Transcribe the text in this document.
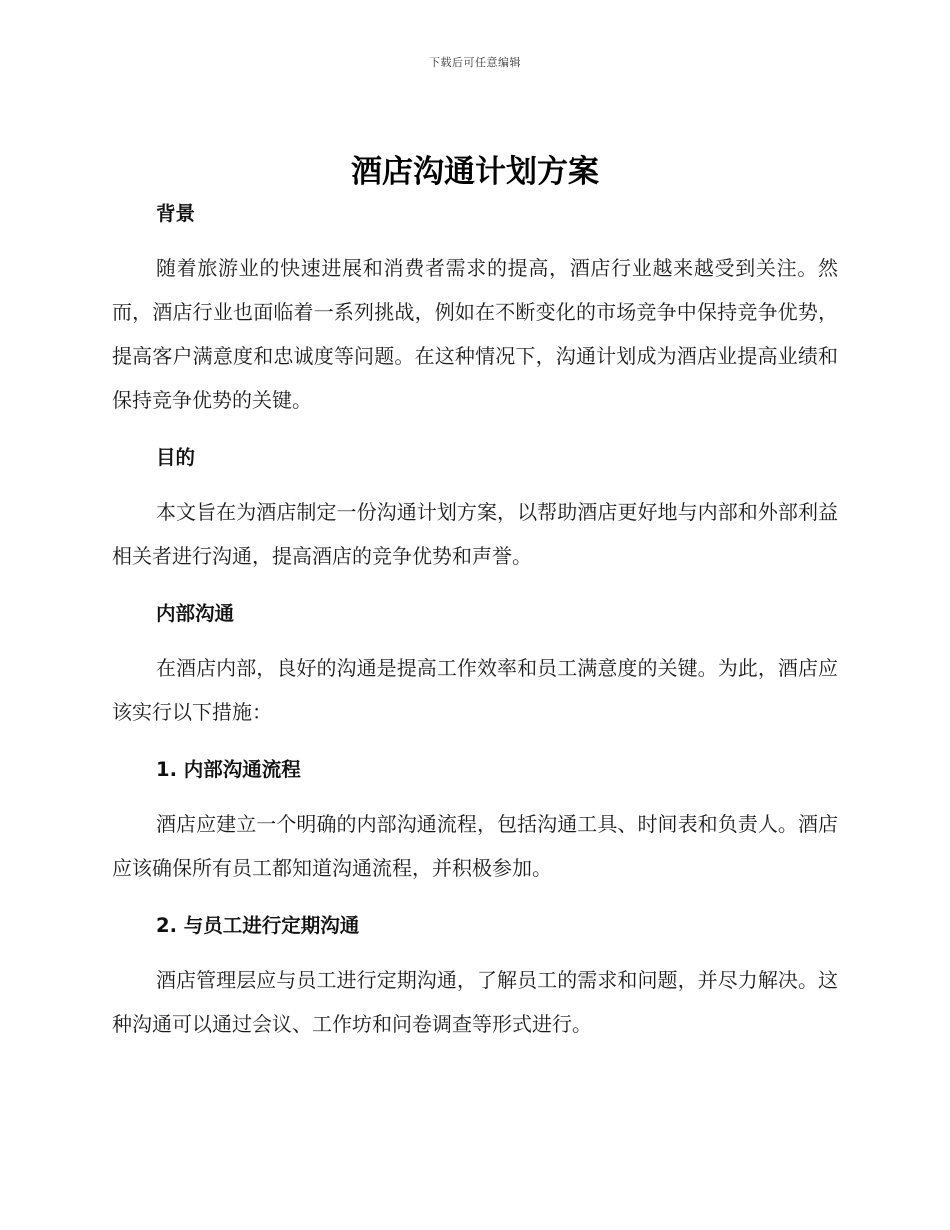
下载后可任意编辑
酒店沟通计划方案
背景

随着旅游业的快速进展和消费者需求的提高，酒店行业越来越受到关注。然而，酒店行业也面临着一系列挑战，例如在不断变化的市场竞争中保持竞争优势，提高客户满意度和忠诚度等问题。在这种情况下，沟通计划成为酒店业提高业绩和保持竞争优势的关键。

目的

本文旨在为酒店制定一份沟通计划方案，以帮助酒店更好地与内部和外部利益相关者进行沟通，提高酒店的竞争优势和声誉。

内部沟通

在酒店内部，良好的沟通是提高工作效率和员工满意度的关键。为此，酒店应该实行以下措施：

1. 内部沟通流程

酒店应建立一个明确的内部沟通流程，包括沟通工具、时间表和负责人。酒店应该确保所有员工都知道沟通流程，并积极参加。

2. 与员工进行定期沟通

酒店管理层应与员工进行定期沟通，了解员工的需求和问题，并尽力解决。这种沟通可以通过会议、工作坊和问卷调查等形式进行。
